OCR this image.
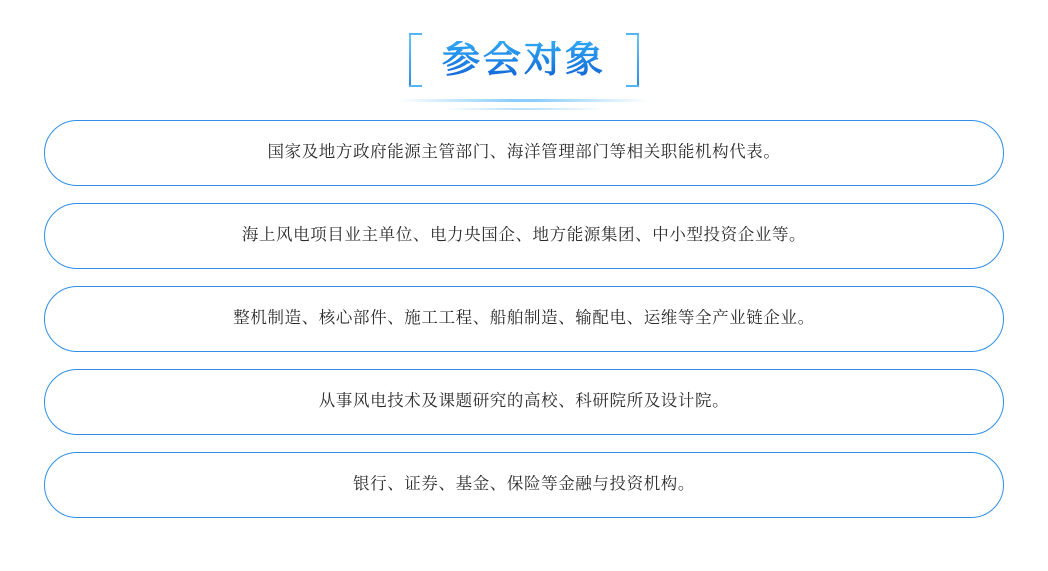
参会对象
国家及地方政府能源主管部门、海洋管理部门等相关职能机构代表。
海上风电项目业主单位、电力央国企、地方能源集团、中小型投资企业等。
整机制造、核心部件、施工工程、船舶制造、输配电、运维等全产业链企业。
从事风电技术及课题研究的高校、科研院所及设计院。
银行、证券、基金、保险等金融与投资机构。
